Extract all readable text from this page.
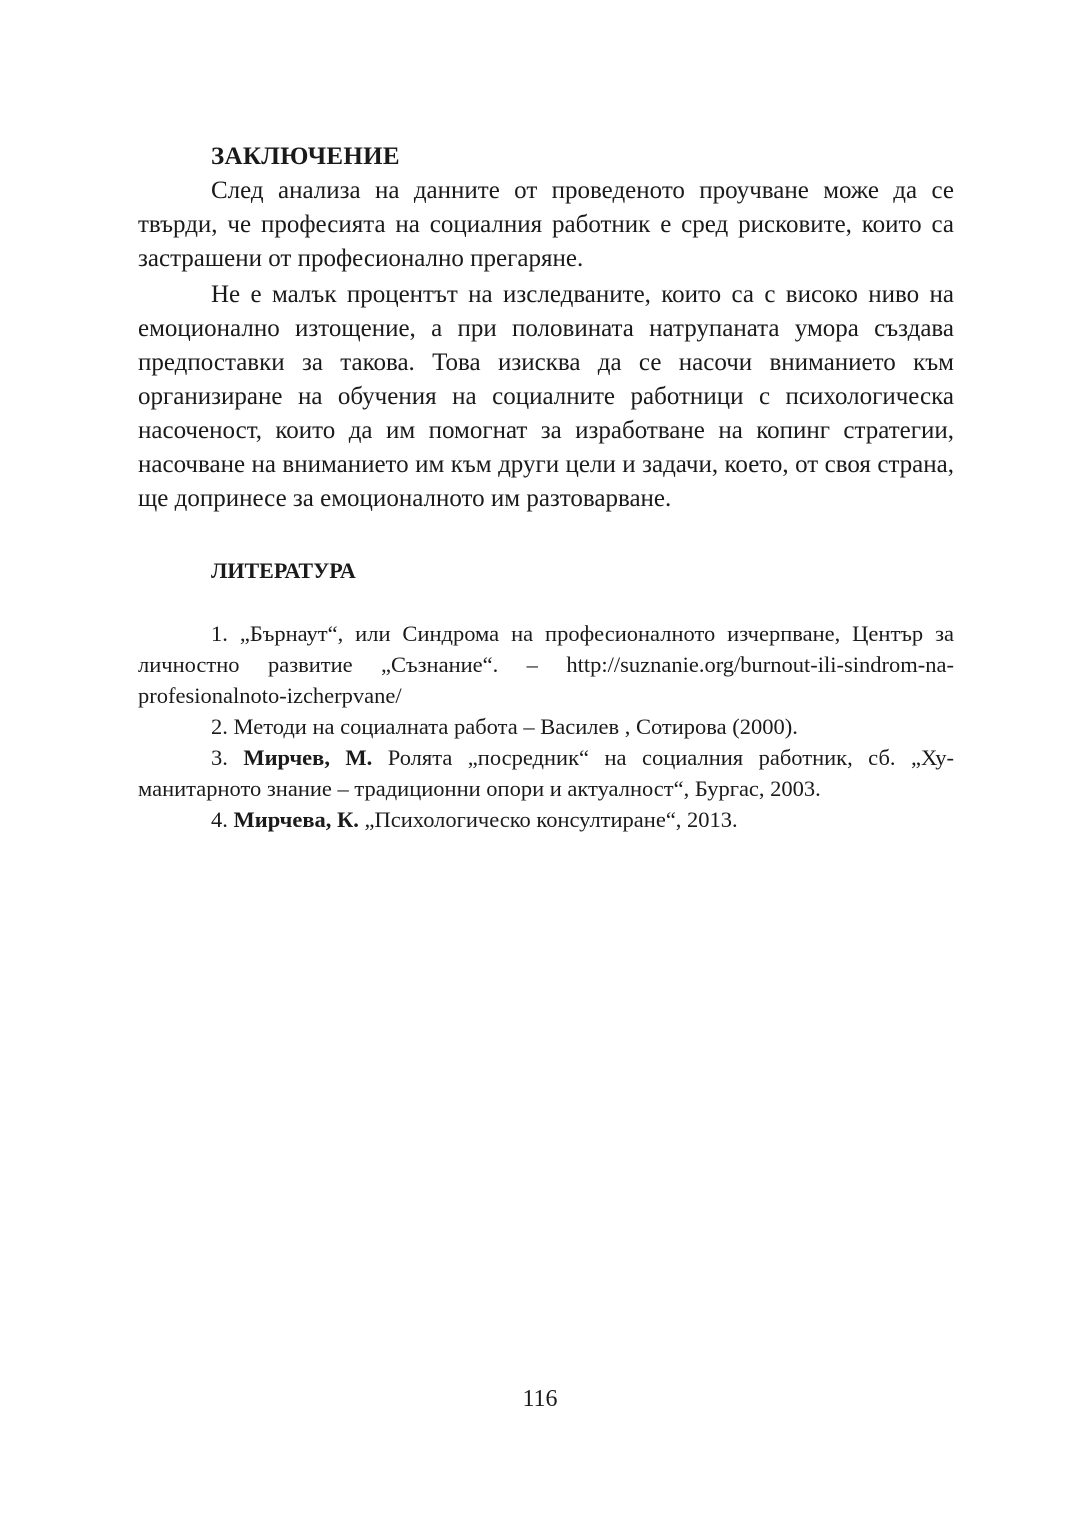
ЗАКЛЮЧЕНИЕ

След анализа на данните от проведеното проучване може да се твърди, че професията на социалния работник е сред рисковите, които са застрашени от професионално прегаряне.

Не е малък процентът на изследваните, които са с високо ниво на емоционално изтощение, а при половината натрупаната умора създава предпоставки за такова. Това изисква да се насочи вниманието към организиране на обучения на социалните работници с психологическа насоченост, които да им помогнат за изработване на копинг стратегии, насочване на вниманието им към други цели и задачи, което, от своя страна, ще допринесе за емоционалното им разтоварване.

ЛИТЕРАТУРА
1. „Бърнаут“, или Синдрома на професионалното изчерпване, Център за личностно развитие „Съзнание“. – http://suznanie.org/burnout-ili-sindrom-na-profesionalnoto-izcherpvane/
2. Методи на социалната работа – Василев , Сотирова (2000).
3. Мирчев, М. Ролята „посредник“ на социалния работник, сб. „Хуманитарното знание – традиционни опори и актуалност“, Бургас, 2003.
4. Мирчева, К. „Психологическо консултиране“, 2013.
116
